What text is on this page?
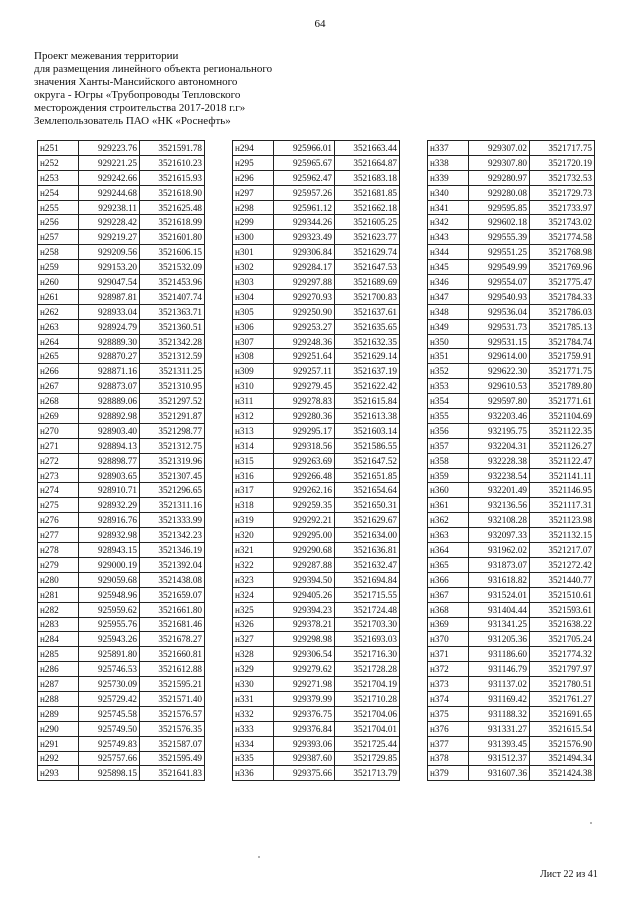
64
Проект межевания территории
для размещения линейного объекта регионального
значения Ханты-Мансийского автономного
округа - Югры «Трубопроводы Тепловского
месторождения строительства 2017-2018 г.г»
Землепользователь ПАО «НК «Роснефть»
н251	929223.76	3521591.78
н252	929221.25	3521610.23
н253	929242.66	3521615.93
н254	929244.68	3521618.90
н255	929238.11	3521625.48
н256	929228.42	3521618.99
н257	929219.27	3521601.80
н258	929209.56	3521606.15
н259	929153.20	3521532.09
н260	929047.54	3521453.96
н261	928987.81	3521407.74
н262	928933.04	3521363.71
н263	928924.79	3521360.51
н264	928889.30	3521342.28
н265	928870.27	3521312.59
н266	928871.16	3521311.25
н267	928873.07	3521310.95
н268	928889.06	3521297.52
н269	928892.98	3521291.87
н270	928903.40	3521298.77
н271	928894.13	3521312.75
н272	928898.77	3521319.96
н273	928903.65	3521307.45
н274	928910.71	3521296.65
н275	928932.29	3521311.16
н276	928916.76	3521333.99
н277	928932.98	3521342.23
н278	928943.15	3521346.19
н279	929000.19	3521392.04
н280	929059.68	3521438.08
н281	925948.96	3521659.07
н282	925959.62	3521661.80
н283	925955.76	3521681.46
н284	925943.26	3521678.27
н285	925891.80	3521660.81
н286	925746.53	3521612.88
н287	925730.09	3521595.21
н288	925729.42	3521571.40
н289	925745.58	3521576.57
н290	925749.50	3521576.35
н291	925749.83	3521587.07
н292	925757.66	3521595.49
н293	925898.15	3521641.83
н294	925966.01	3521663.44
н295	925965.67	3521664.87
н296	925962.47	3521683.18
н297	925957.26	3521681.85
н298	925961.12	3521662.18
н299	929344.26	3521605.25
н300	929323.49	3521623.77
н301	929306.84	3521629.74
н302	929284.17	3521647.53
н303	929297.88	3521689.69
н304	929270.93	3521700.83
н305	929250.90	3521637.61
н306	929253.27	3521635.65
н307	929248.36	3521632.35
н308	929251.64	3521629.14
н309	929257.11	3521637.19
н310	929279.45	3521622.42
н311	929278.83	3521615.84
н312	929280.36	3521613.38
н313	929295.17	3521603.14
н314	929318.56	3521586.55
н315	929263.69	3521647.52
н316	929266.48	3521651.85
н317	929262.16	3521654.64
н318	929259.35	3521650.31
н319	929292.21	3521629.67
н320	929295.00	3521634.00
н321	929290.68	3521636.81
н322	929287.88	3521632.47
н323	929394.50	3521694.84
н324	929405.26	3521715.55
н325	929394.23	3521724.48
н326	929378.21	3521703.30
н327	929298.98	3521693.03
н328	929306.54	3521716.30
н329	929279.62	3521728.28
н330	929271.98	3521704.19
н331	929379.99	3521710.28
н332	929376.75	3521704.06
н333	929376.84	3521704.01
н334	929393.06	3521725.44
н335	929387.60	3521729.85
н336	929375.66	3521713.79
н337	929307.02	3521717.75
н338	929307.80	3521720.19
н339	929280.97	3521732.53
н340	929280.08	3521729.73
н341	929595.85	3521733.97
н342	929602.18	3521743.02
н343	929555.39	3521774.58
н344	929551.25	3521768.98
н345	929549.99	3521769.96
н346	929554.07	3521775.47
н347	929540.93	3521784.33
н348	929536.04	3521786.03
н349	929531.73	3521785.13
н350	929531.15	3521784.74
н351	929614.00	3521759.91
н352	929622.30	3521771.75
н353	929610.53	3521789.80
н354	929597.80	3521771.61
н355	932203.46	3521104.69
н356	932195.75	3521122.35
н357	932204.31	3521126.27
н358	932228.38	3521122.47
н359	932238.54	3521141.11
н360	932201.49	3521146.95
н361	932136.56	3521117.31
н362	932108.28	3521123.98
н363	932097.33	3521132.15
н364	931962.02	3521217.07
н365	931873.07	3521272.42
н366	931618.82	3521440.77
н367	931524.01	3521510.61
н368	931404.44	3521593.61
н369	931341.25	3521638.22
н370	931205.36	3521705.24
н371	931186.60	3521774.32
н372	931146.79	3521797.97
н373	931137.02	3521780.51
н374	931169.42	3521761.27
н375	931188.32	3521691.65
н376	931331.27	3521615.54
н377	931393.45	3521576.90
н378	931512.37	3521494.34
н379	931607.36	3521424.38
Лист 22 из 41
